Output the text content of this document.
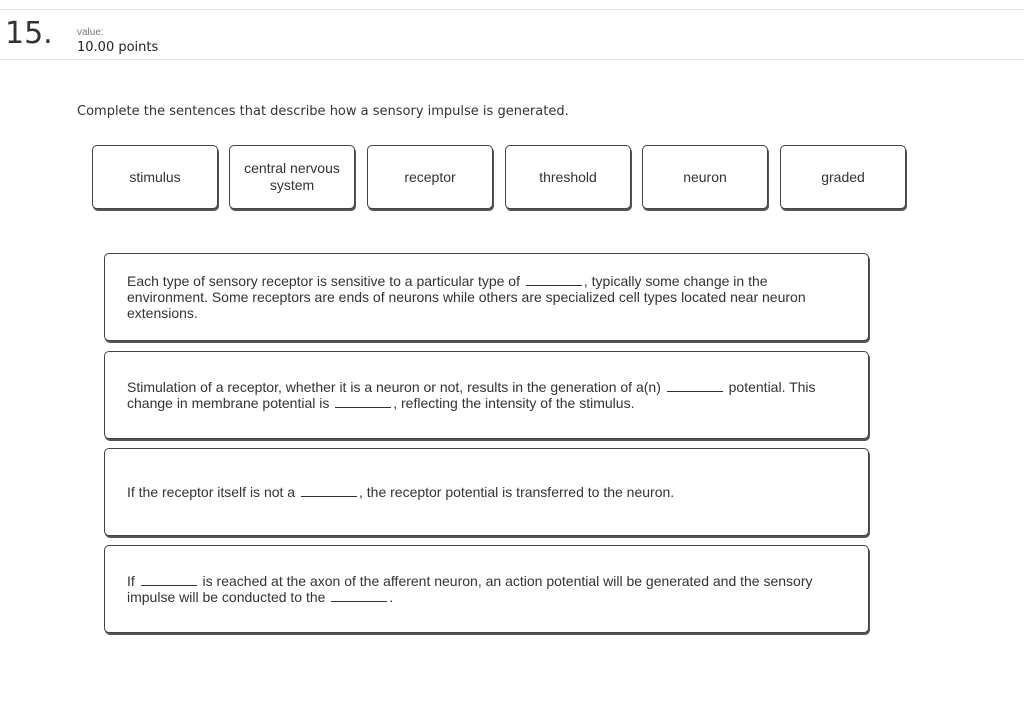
15. value:
10.00 points
Complete the sentences that describe how a sensory impulse is generated.
stimulus
central nervous system
receptor	threshold	neuron	graded

Each type of sensory receptor is sensitive to a particular type of	, typically some change in the environment. Some receptors are ends of neurons while others are specialized cell types located near neuron extensions.

Stimulation of a receptor, whether it is a neuron or not, results in the generation of a(n)	potential. This change in membrane potential is	, reflecting the intensity of the stimulus.

If the receptor itself is not a	, the receptor potential is transferred to the neuron.

If	is reached at the axon of the afferent neuron, an action potential will be generated and the sensory impulse will be conducted to the	.
